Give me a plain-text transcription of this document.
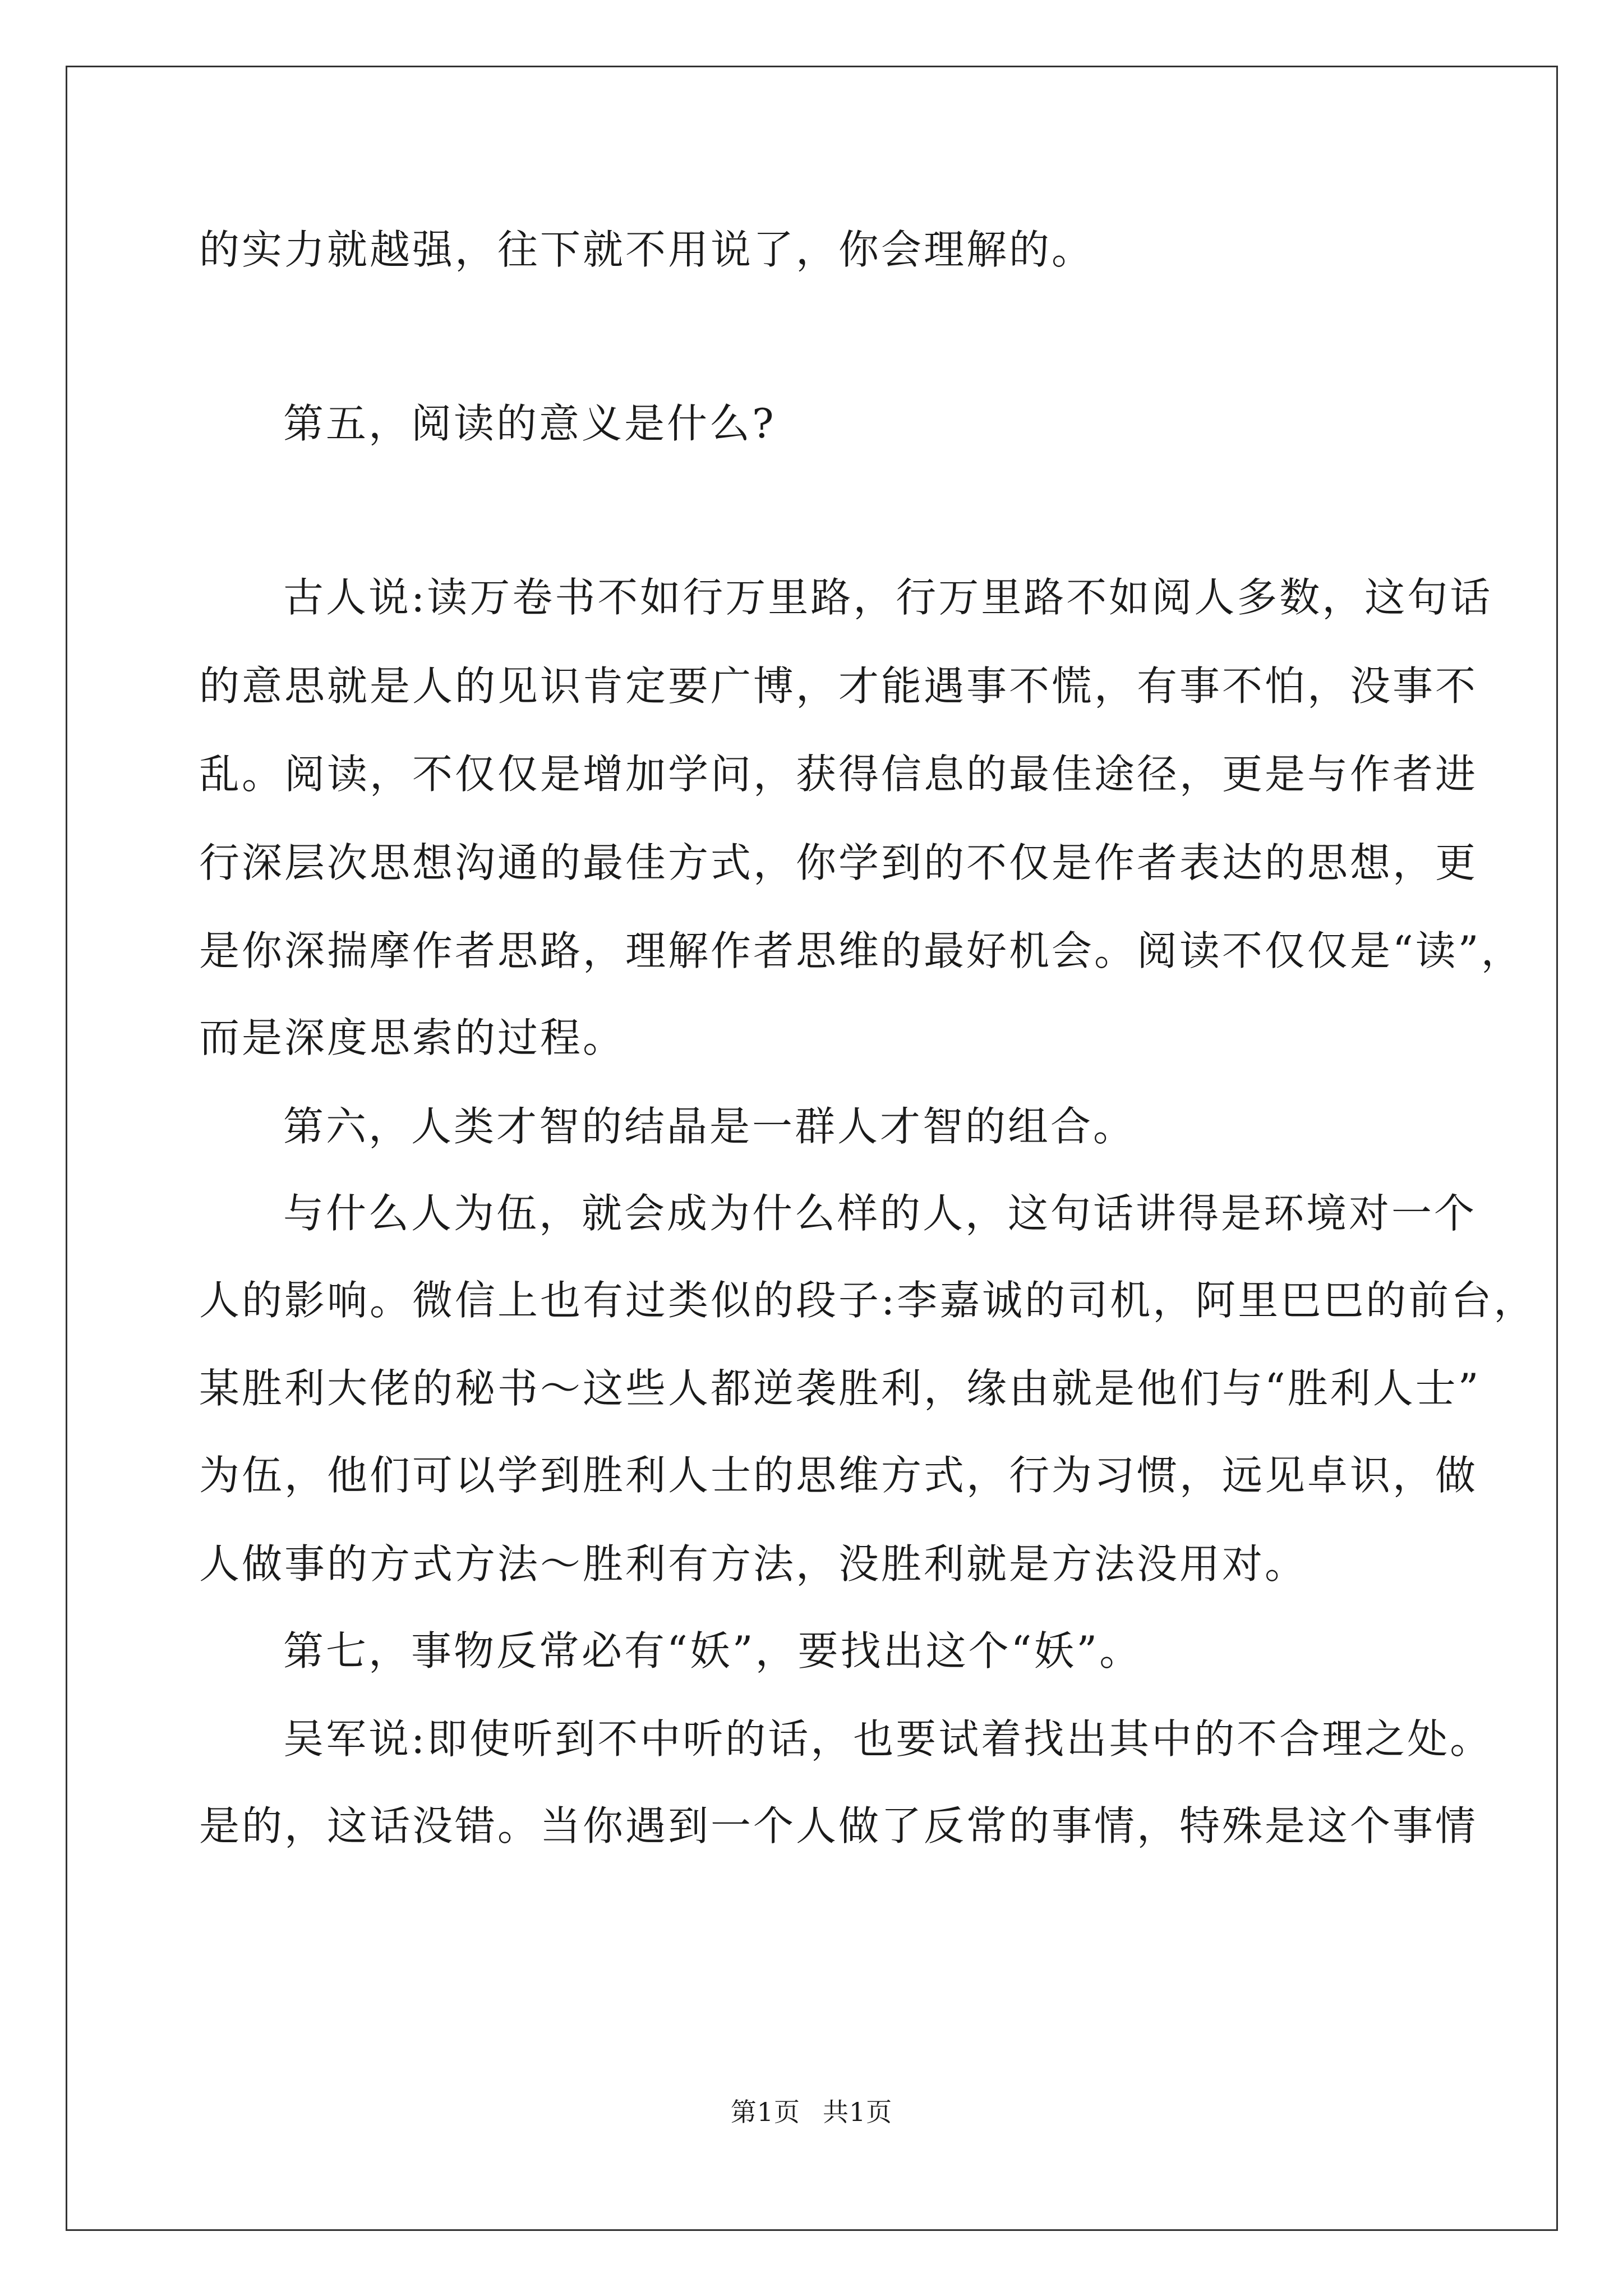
的实力就越强，往下就不用说了，你会理解的。
第五，阅读的意义是什么?
古人说:读万卷书不如行万里路，行万里路不如阅人多数，这句话
的意思就是人的见识肯定要广博，才能遇事不慌，有事不怕，没事不
乱。阅读，不仅仅是增加学问，获得信息的最佳途径，更是与作者进
行深层次思想沟通的最佳方式，你学到的不仅是作者表达的思想，更
是你深揣摩作者思路，理解作者思维的最好机会。阅读不仅仅是“读”，
而是深度思索的过程。
第六，人类才智的结晶是一群人才智的组合。
与什么人为伍，就会成为什么样的人，这句话讲得是环境对一个
人的影响。微信上也有过类似的段子:李嘉诚的司机，阿里巴巴的前台，
某胜利大佬的秘书～这些人都逆袭胜利，缘由就是他们与“胜利人士”
为伍，他们可以学到胜利人士的思维方式，行为习惯，远见卓识，做
人做事的方式方法～胜利有方法，没胜利就是方法没用对。
第七，事物反常必有“妖”，要找出这个“妖”。
吴军说:即使听到不中听的话，也要试着找出其中的不合理之处。
是的，这话没错。当你遇到一个人做了反常的事情，特殊是这个事情
第1页 共1页
